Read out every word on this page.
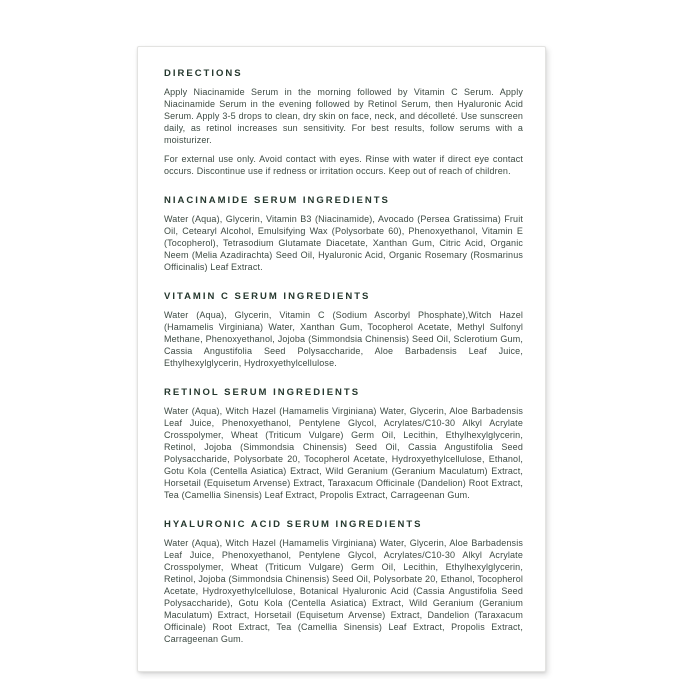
DIRECTIONS

Apply Niacinamide Serum in the morning followed by Vitamin C Serum. Apply Niacinamide Serum in the evening followed by Retinol Serum, then Hyaluronic Acid Serum. Apply 3-5 drops to clean, dry skin on face, neck, and décolleté. Use sunscreen daily, as retinol increases sun sensitivity. For best results, follow serums with a moisturizer.

For external use only. Avoid contact with eyes. Rinse with water if direct eye contact occurs. Discontinue use if redness or irritation occurs. Keep out of reach of children.

NIACINAMIDE SERUM INGREDIENTS

Water (Aqua), Glycerin, Vitamin B3 (Niacinamide), Avocado (Persea Gratissima) Fruit Oil, Cetearyl Alcohol, Emulsifying Wax (Polysorbate 60), Phenoxyethanol, Vitamin E (Tocopherol), Tetrasodium Glutamate Diacetate, Xanthan Gum, Citric Acid, Organic Neem (Melia Azadirachta) Seed Oil, Hyaluronic Acid, Organic Rosemary (Rosmarinus Officinalis) Leaf Extract.

VITAMIN C SERUM INGREDIENTS

Water (Aqua), Glycerin, Vitamin C (Sodium Ascorbyl Phosphate),Witch Hazel (Hamamelis Virginiana) Water, Xanthan Gum, Tocopherol Acetate, Methyl Sulfonyl Methane, Phenoxyethanol, Jojoba (Simmondsia Chinensis) Seed Oil, Sclerotium Gum, Cassia Angustifolia Seed Polysaccharide, Aloe Barbadensis Leaf Juice, Ethylhexylglycerin, Hydroxyethylcellulose.

RETINOL SERUM INGREDIENTS

Water (Aqua), Witch Hazel (Hamamelis Virginiana) Water, Glycerin, Aloe Barbadensis Leaf Juice, Phenoxyethanol, Pentylene Glycol, Acrylates/C10-30 Alkyl Acrylate Crosspolymer, Wheat (Triticum Vulgare) Germ Oil, Lecithin, Ethylhexylglycerin, Retinol, Jojoba (Simmondsia Chinensis) Seed Oil, Cassia Angustifolia Seed Polysaccharide, Polysorbate 20, Tocopherol Acetate, Hydroxyethylcellulose, Ethanol, Gotu Kola (Centella Asiatica) Extract, Wild Geranium (Geranium Maculatum) Extract, Horsetail (Equisetum Arvense) Extract, Taraxacum Officinale (Dandelion) Root Extract, Tea (Camellia Sinensis) Leaf Extract, Propolis Extract, Carrageenan Gum.

HYALURONIC ACID SERUM INGREDIENTS

Water (Aqua), Witch Hazel (Hamamelis Virginiana) Water, Glycerin, Aloe Barbadensis Leaf Juice, Phenoxyethanol, Pentylene Glycol, Acrylates/C10-30 Alkyl Acrylate Crosspolymer, Wheat (Triticum Vulgare) Germ Oil, Lecithin, Ethylhexylglycerin, Retinol, Jojoba (Simmondsia Chinensis) Seed Oil, Polysorbate 20, Ethanol, Tocopherol Acetate, Hydroxyethylcellulose, Botanical Hyaluronic Acid (Cassia Angustifolia Seed Polysaccharide), Gotu Kola (Centella Asiatica) Extract, Wild Geranium (Geranium Maculatum) Extract, Horsetail (Equisetum Arvense) Extract, Dandelion (Taraxacum Officinale) Root Extract, Tea (Camellia Sinensis) Leaf Extract, Propolis Extract, Carrageenan Gum.
